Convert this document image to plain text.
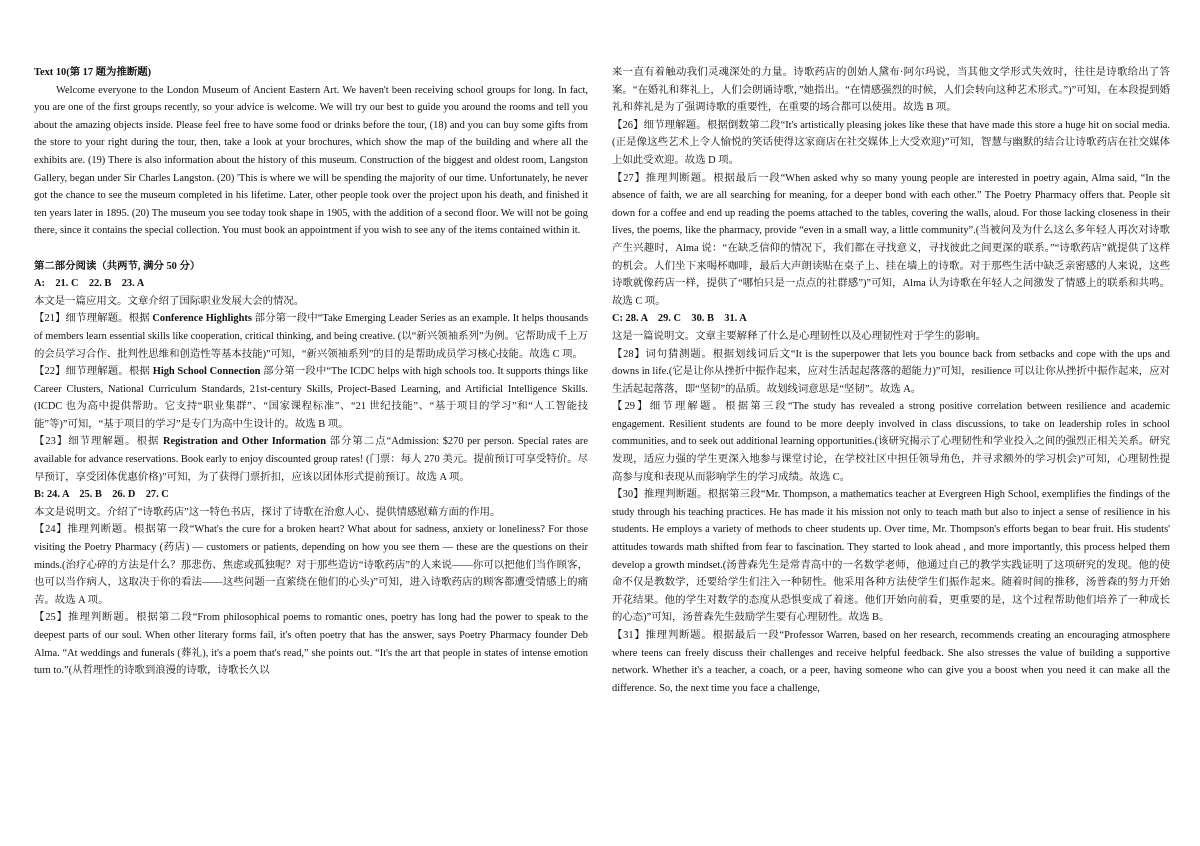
Text 10(第 17 题为推断题)

Welcome everyone to the London Museum of Ancient Eastern Art. We haven't been receiving school groups for long. In fact, you are one of the first groups recently, so your advice is welcome. We will try our best to guide you around the rooms and tell you about the amazing objects inside. Please feel free to have some food or drinks before the tour, (18) and you can buy some gifts from the store to your right during the tour, then, take a look at your brochures, which show the map of the building and where all the exhibits are. (19) There is also information about the history of this museum. Construction of the biggest and oldest room, Langston Gallery, began under Sir Charles Langston. (20) 'This is where we will be spending the majority of our time. Unfortunately, he never got the chance to see the museum completed in his lifetime. Later, other people took over the project upon his death, and finished it ten years later in 1895. (20) The museum you see today took shape in 1905, with the addition of a second floor. We will not be going there, since it contains the special collection. You must book an appointment if you wish to see any of the items contained within it.

第二部分阅读（共两节, 满分 50 分）

A:　21. C　22. B　23. A

本文是一篇应用文。文章介绍了国际职业发展大会的情况。

【21】细节理解题。根据 Conference Highlights 部分第一段中“Take Emerging Leader Series as an example. It helps thousands of members learn essential skills like cooperation, critical thinking, and being creative. (以“新兴领袖系列”为例。它帮助成千上万的会员学习合作、批判性思维和创造性等基本技能)”可知，“新兴领袖系列”的目的是帮助成员学习核心技能。故选 C 项。

【22】细节理解题。根据 High School Connection 部分第一段中“The ICDC helps with high schools too. It supports things like Career Clusters, National Curriculum Standards, 21st-century Skills, Project-Based Learning, and Artificial Intelligence Skills. (ICDC 也为高中提供帮助。它支持“职业集群”、“国家课程标准”、“21 世纪技能”、“基于项目的学习”和“人工智能技能”等)”可知，“基于项目的学习”是专门为高中生设计的。故选 B 项。

【23】细节理解题。根据 Registration and Other Information 部分第二点“Admission: $270 per person. Special rates are available for advance reservations. Book early to enjoy discounted group rates! (门票：每人 270 美元。提前预订可享受特价。尽早预订，享受团体优惠价格)”可知，为了获得门票折扣，应该以团体形式提前预订。故选 A 项。

B: 24. A　25. B　26. D　27. C

本文是说明文。介绍了“诗歌药店”这一特色书店，探讨了诗歌在治愈人心、提供情感慰藉方面的作用。

【24】推理判断题。根据第一段“What's the cure for a broken heart? What about for sadness, anxiety or loneliness? For those visiting the Poetry Pharmacy (药店) — customers or patients, depending on how you see them — these are the questions on their minds.(治疗心碎的方法是什么？那悲伤、焦虑或孤独呢？对于那些造访“诗歌药店”的人来说——你可以把他们当作顾客，也可以当作病人，这取决于你的看法——这些问题一直萦绕在他们的心头)”可知，进入诗歌药店的顾客都遭受情感上的痛苦。故选 A 项。

【25】推理判断题。根据第二段“From philosophical poems to romantic ones, poetry has long had the power to speak to the deepest parts of our soul. When other literary forms fail, it's often poetry that has the answer, says Poetry Pharmacy founder Deb Alma. “At weddings and funerals (葬礼), it's a poem that's read,” she points out. “It's the art that people in states of intense emotion turn to.”(从哲理性的诗歌到浪漫的诗歌，诗歌长久以

来一直有着触动我们灵魂深处的力量。诗歌药店的创始人黛布·阿尔玛说，当其他文学形式失效时，往往是诗歌给出了答案。“在婚礼和葬礼上，人们会朗诵诗歌，”她指出。“在情感强烈的时候，人们会转向这种艺术形式。”)”可知，在本段提到婚礼和葬礼是为了强调诗歌的重要性，在重要的场合都可以使用。故选 B 项。

【26】细节理解题。根据倒数第二段“It's artistically pleasing jokes like these that have made this store a huge hit on social media.(正是像这些艺术上令人愉悦的笑话使得这家商店在社交媒体上大受欢迎)”可知，智慧与幽默的结合让诗歌药店在社交媒体上如此受欢迎。故选 D 项。

【27】推理判断题。根据最后一段“When asked why so many young people are interested in poetry again, Alma said, “In the absence of faith, we are all searching for meaning, for a deeper bond with each other.” The Poetry Pharmacy offers that. People sit down for a coffee and end up reading the poems attached to the tables, covering the walls, aloud. For those lacking closeness in their lives, the poems, like the pharmacy, provide “even in a small way, a little community”.(当被问及为什么这么多年轻人再次对诗歌产生兴趣时，Alma 说：“在缺乏信仰的情况下，我们都在寻找意义，寻找彼此之间更深的联系。”“诗歌药店”就提供了这样的机会。人们坐下来喝杯咖啡，最后大声朗读贴在桌子上、挂在墙上的诗歌。对于那些生活中缺乏亲密感的人来说，这些诗歌就像药店一样，提供了“哪怕只是一点点的社群感”)”可知，Alma 认为诗歌在年轻人之间激发了情感上的联系和共鸣。故选 C 项。

C: 28. A　29. C　30. B　31. A

这是一篇说明文。文章主要解释了什么是心理韧性以及心理韧性对于学生的影响。

【28】词句猜测题。根据划线词后文“It is the superpower that lets you bounce back from setbacks and cope with the ups and downs in life.(它是让你从挫折中振作起来，应对生活起起落落的超能力)”可知，resilience 可以让你从挫折中振作起来，应对生活起起落落，即“坚韧”的品质。故划线词意思是“坚韧”。故选 A。

【29】细节理解题。根据第三段“The study has revealed a strong positive correlation between resilience and academic engagement. Resilient students are found to be more deeply involved in class discussions, to take on leadership roles in school communities, and to seek out additional learning opportunities.(该研究揭示了心理韧性和学业投入之间的强烈正相关关系。研究发现，适应力强的学生更深入地参与课堂讨论，在学校社区中担任领导角色，并寻求额外的学习机会)”可知，心理韧性提高参与度和表现从而影响学生的学习成绩。故选 C。

【30】推理判断题。根据第三段“Mr. Thompson, a mathematics teacher at Evergreen High School, exemplifies the findings of the study through his teaching practices. He has made it his mission not only to teach math but also to inject a sense of resilience in his students. He employs a variety of methods to cheer students up. Over time, Mr. Thompson's efforts began to bear fruit. His students' attitudes towards math shifted from fear to fascination. They started to look ahead , and more importantly, this process helped them develop a growth mindset.(汤普森先生是常青高中的一名数学老师，他通过自己的教学实践证明了这项研究的发现。他的使命不仅是教数学，还要给学生们注入一种韧性。他采用各种方法使学生们振作起来。随着时间的推移，汤普森的努力开始开花结果。他的学生对数学的态度从恐惧变成了着迷。他们开始向前看，更重要的是，这个过程帮助他们培养了一种成长的心态)”可知，汤普森先生鼓励学生要有心理韧性。故选 B。

【31】推理判断题。根据最后一段“Professor Warren, based on her research, recommends creating an encouraging atmosphere where teens can freely discuss their challenges and receive helpful feedback. She also stresses the value of building a supportive network. Whether it's a teacher, a coach, or a peer, having someone who can give you a boost when you need it can make all the difference. So, the next time you face a challenge,
